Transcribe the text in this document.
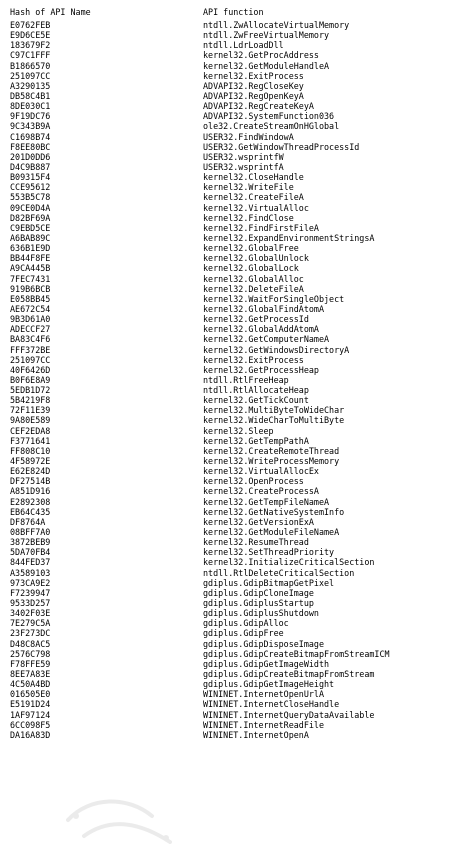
Hash of API Name	API function
E0762FEB	ntdll.ZwAllocateVirtualMemory
E9D6CE5E	ntdll.ZwFreeVirtualMemory
183679F2	ntdll.LdrLoadDll
C97C1FFF	kernel32.GetProcAddress
B1866570	kernel32.GetModuleHandleA
251097CC	kernel32.ExitProcess
A3290135	ADVAPI32.RegCloseKey
DB58C4B1	ADVAPI32.RegOpenKeyA
8DE030C1	ADVAPI32.RegCreateKeyA
9F19DC76	ADVAPI32.SystemFunction036
9C343B9A	ole32.CreateStreamOnHGlobal
C1698B74	USER32.FindWindowA
F8EE80BC	USER32.GetWindowThreadProcessId
201D0DD6	USER32.wsprintfW
D4C9B887	USER32.wsprintfA
B09315F4	kernel32.CloseHandle
CCE95612	kernel32.WriteFile
553B5C78	kernel32.CreateFileA
09CE0D4A	kernel32.VirtualAlloc
D82BF69A	kernel32.FindClose
C9EBD5CE	kernel32.FindFirstFileA
A6BAB89C	kernel32.ExpandEnvironmentStringsA
636B1E9D	kernel32.GlobalFree
BB44F8FE	kernel32.GlobalUnlock
A9CA445B	kernel32.GlobalLock
7FEC7431	kernel32.GlobalAlloc
919B6BCB	kernel32.DeleteFileA
E058BB45	kernel32.WaitForSingleObject
AE672C54	kernel32.GlobalFindAtomA
9B3D61A0	kernel32.GetProcessId
ADECCF27	kernel32.GlobalAddAtomA
BA83C4F6	kernel32.GetComputerNameA
FFF372BE	kernel32.GetWindowsDirectoryA
251097CC	kernel32.ExitProcess
40F6426D	kernel32.GetProcessHeap
B0F6E8A9	ntdll.RtlFreeHeap
5EDB1D72	ntdll.RtlAllocateHeap
5B4219F8	kernel32.GetTickCount
72F11E39	kernel32.MultiByteToWideChar
9A80E589	kernel32.WideCharToMultiByte
CEF2EDA8	kernel32.Sleep
F3771641	kernel32.GetTempPathA
FF808C10	kernel32.CreateRemoteThread
4F58972E	kernel32.WriteProcessMemory
E62E824D	kernel32.VirtualAllocEx
DF27514B	kernel32.OpenProcess
A851D916	kernel32.CreateProcessA
E2892308	kernel32.GetTempFileNameA
EB64C435	kernel32.GetNativeSystemInfo
DF8764A	kernel32.GetVersionExA
08BFF7A0	kernel32.GetModuleFileNameA
3872BEB9	kernel32.ResumeThread
5DA70FB4	kernel32.SetThreadPriority
844FED37	kernel32.InitializeCriticalSection
A3589103	ntdll.RtlDeleteCriticalSection
973CA9E2	gdiplus.GdipBitmapGetPixel
F7239947	gdiplus.GdipCloneImage
9533D257	gdiplus.GdiplusStartup
3402F03E	gdiplus.GdiplusShutdown
7E279C5A	gdiplus.GdipAlloc
23F273DC	gdiplus.GdipFree
D48C8AC5	gdiplus.GdipDisposeImage
2576C798	gdiplus.GdipCreateBitmapFromStreamICM
F78FFE59	gdiplus.GdipGetImageWidth
8EE7A83E	gdiplus.GdipCreateBitmapFromStream
4C50A4BD	gdiplus.GdipGetImageHeight
016505E0	WININET.InternetOpenUrlA
E5191D24	WININET.InternetCloseHandle
1AF97124	WININET.InternetQueryDataAvailable
6CC098F5	WININET.InternetReadFile
DA16A83D	WININET.InternetOpenA
